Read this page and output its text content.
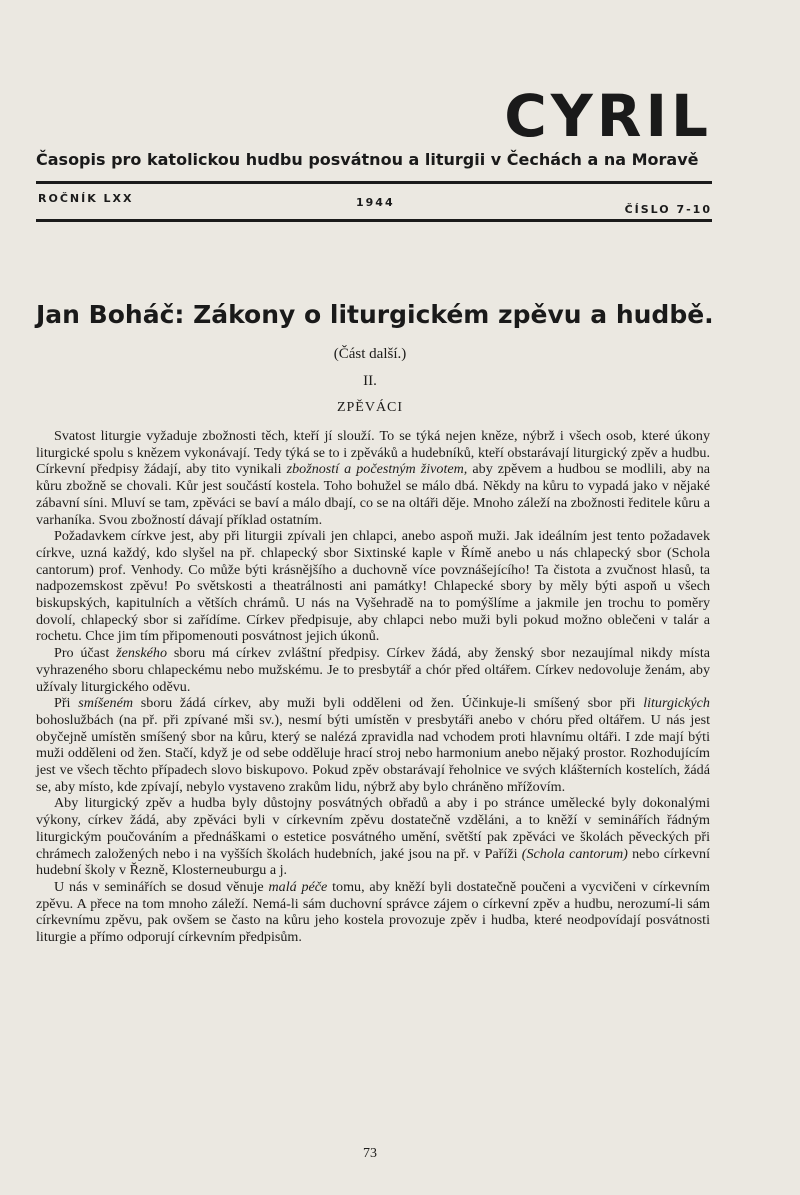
CYRIL
Časopis pro katolickou hudbu posvátnou a liturgii v Čechách a na Moravě
ROČNÍK LXX	1944
ČÍSLO 7-10
Jan Boháč: Zákony o liturgickém zpěvu a hudbě.
(Část další.)
II.
ZPĚVÁCI

Svatost liturgie vyžaduje zbožnosti těch, kteří jí slouží. To se týká nejen kněze, nýbrž i všech osob, které úkony liturgické spolu s knězem vykonávají. Tedy týká se to i zpěváků a hudebníků, kteří obstarávají liturgický zpěv a hudbu. Církevní předpisy žádají, aby tito vynikali zbožností a počestným životem, aby zpěvem a hudbou se modlili, aby na kůru zbožně se chovali. Kůr jest součástí kostela. Toho bohužel se málo dbá. Někdy na kůru to vypadá jako v nějaké zábavní síni. Mluví se tam, zpěváci se baví a málo dbají, co se na oltáři děje. Mnoho záleží na zbožnosti ředitele kůru a varhaníka. Svou zbožností dávají příklad ostatním.

Požadavkem církve jest, aby při liturgii zpívali jen chlapci, anebo aspoň muži. Jak ideálním jest tento požadavek církve, uzná každý, kdo slyšel na př. chlapecký sbor Sixtinské kaple v Římě anebo u nás chlapecký sbor (Schola cantorum) prof. Venhody. Co může býti krásnějšího a duchovně více povznášejícího! Ta čistota a zvučnost hlasů, ta nadpozemskost zpěvu! Po světskosti a theatrálnosti ani památky! Chlapecké sbory by měly býti aspoň u všech biskupských, kapitulních a větších chrámů. U nás na Vyšehradě na to pomýšlíme a jakmile jen trochu to poměry dovolí, chlapecký sbor si zařídíme. Církev předpisuje, aby chlapci nebo muži byli pokud možno oblečeni v talár a rochetu. Chce jim tím připomenouti posvátnost jejich úkonů.

Pro účast ženského sboru má církev zvláštní předpisy. Církev žádá, aby ženský sbor nezaujímal nikdy místa vyhrazeného sboru chlapeckému nebo mužskému. Je to presbytář a chór před oltářem. Církev nedovoluje ženám, aby užívaly liturgického oděvu.

Při smíšeném sboru žádá církev, aby muži byli odděleni od žen. Účinkuje-li smíšený sbor při liturgických bohoslužbách (na př. při zpívané mši sv.), nesmí býti umístěn v presbytáři anebo v chóru před oltářem. U nás jest obyčejně umístěn smíšený sbor na kůru, který se nalézá zpravidla nad vchodem proti hlavnímu oltáři. I zde mají býti muži odděleni od žen. Stačí, když je od sebe odděluje hrací stroj nebo harmonium anebo nějaký prostor. Rozhodujícím jest ve všech těchto případech slovo biskupovo. Pokud zpěv obstarávají řeholnice ve svých klášterních kostelích, žádá se, aby místo, kde zpívají, nebylo vystaveno zrakům lidu, nýbrž aby bylo chráněno mřížovím.

Aby liturgický zpěv a hudba byly důstojny posvátných obřadů a aby i po stránce umělecké byly dokonalými výkony, církev žádá, aby zpěváci byli v církevním zpěvu dostatečně vzděláni, a to kněží v seminářích řádným liturgickým poučováním a přednáškami o estetice posvátného umění, světští pak zpěváci ve školách pěveckých při chrámech založených nebo i na vyšších školách hudebních, jaké jsou na př. v Paříži (Schola cantorum) nebo církevní hudební školy v Řezně, Klosterneuburgu a j.

U nás v seminářích se dosud věnuje malá péče tomu, aby kněží byli dostatečně poučeni a vycvičeni v církevním zpěvu. A přece na tom mnoho záleží. Nemá-li sám duchovní správce zájem o církevní zpěv a hudbu, nerozumí-li sám církevnímu zpěvu, pak ovšem se často na kůru jeho kostela provozuje zpěv i hudba, které neodpovídají posvátnosti liturgie a přímo odporují církevním předpisům.

73
